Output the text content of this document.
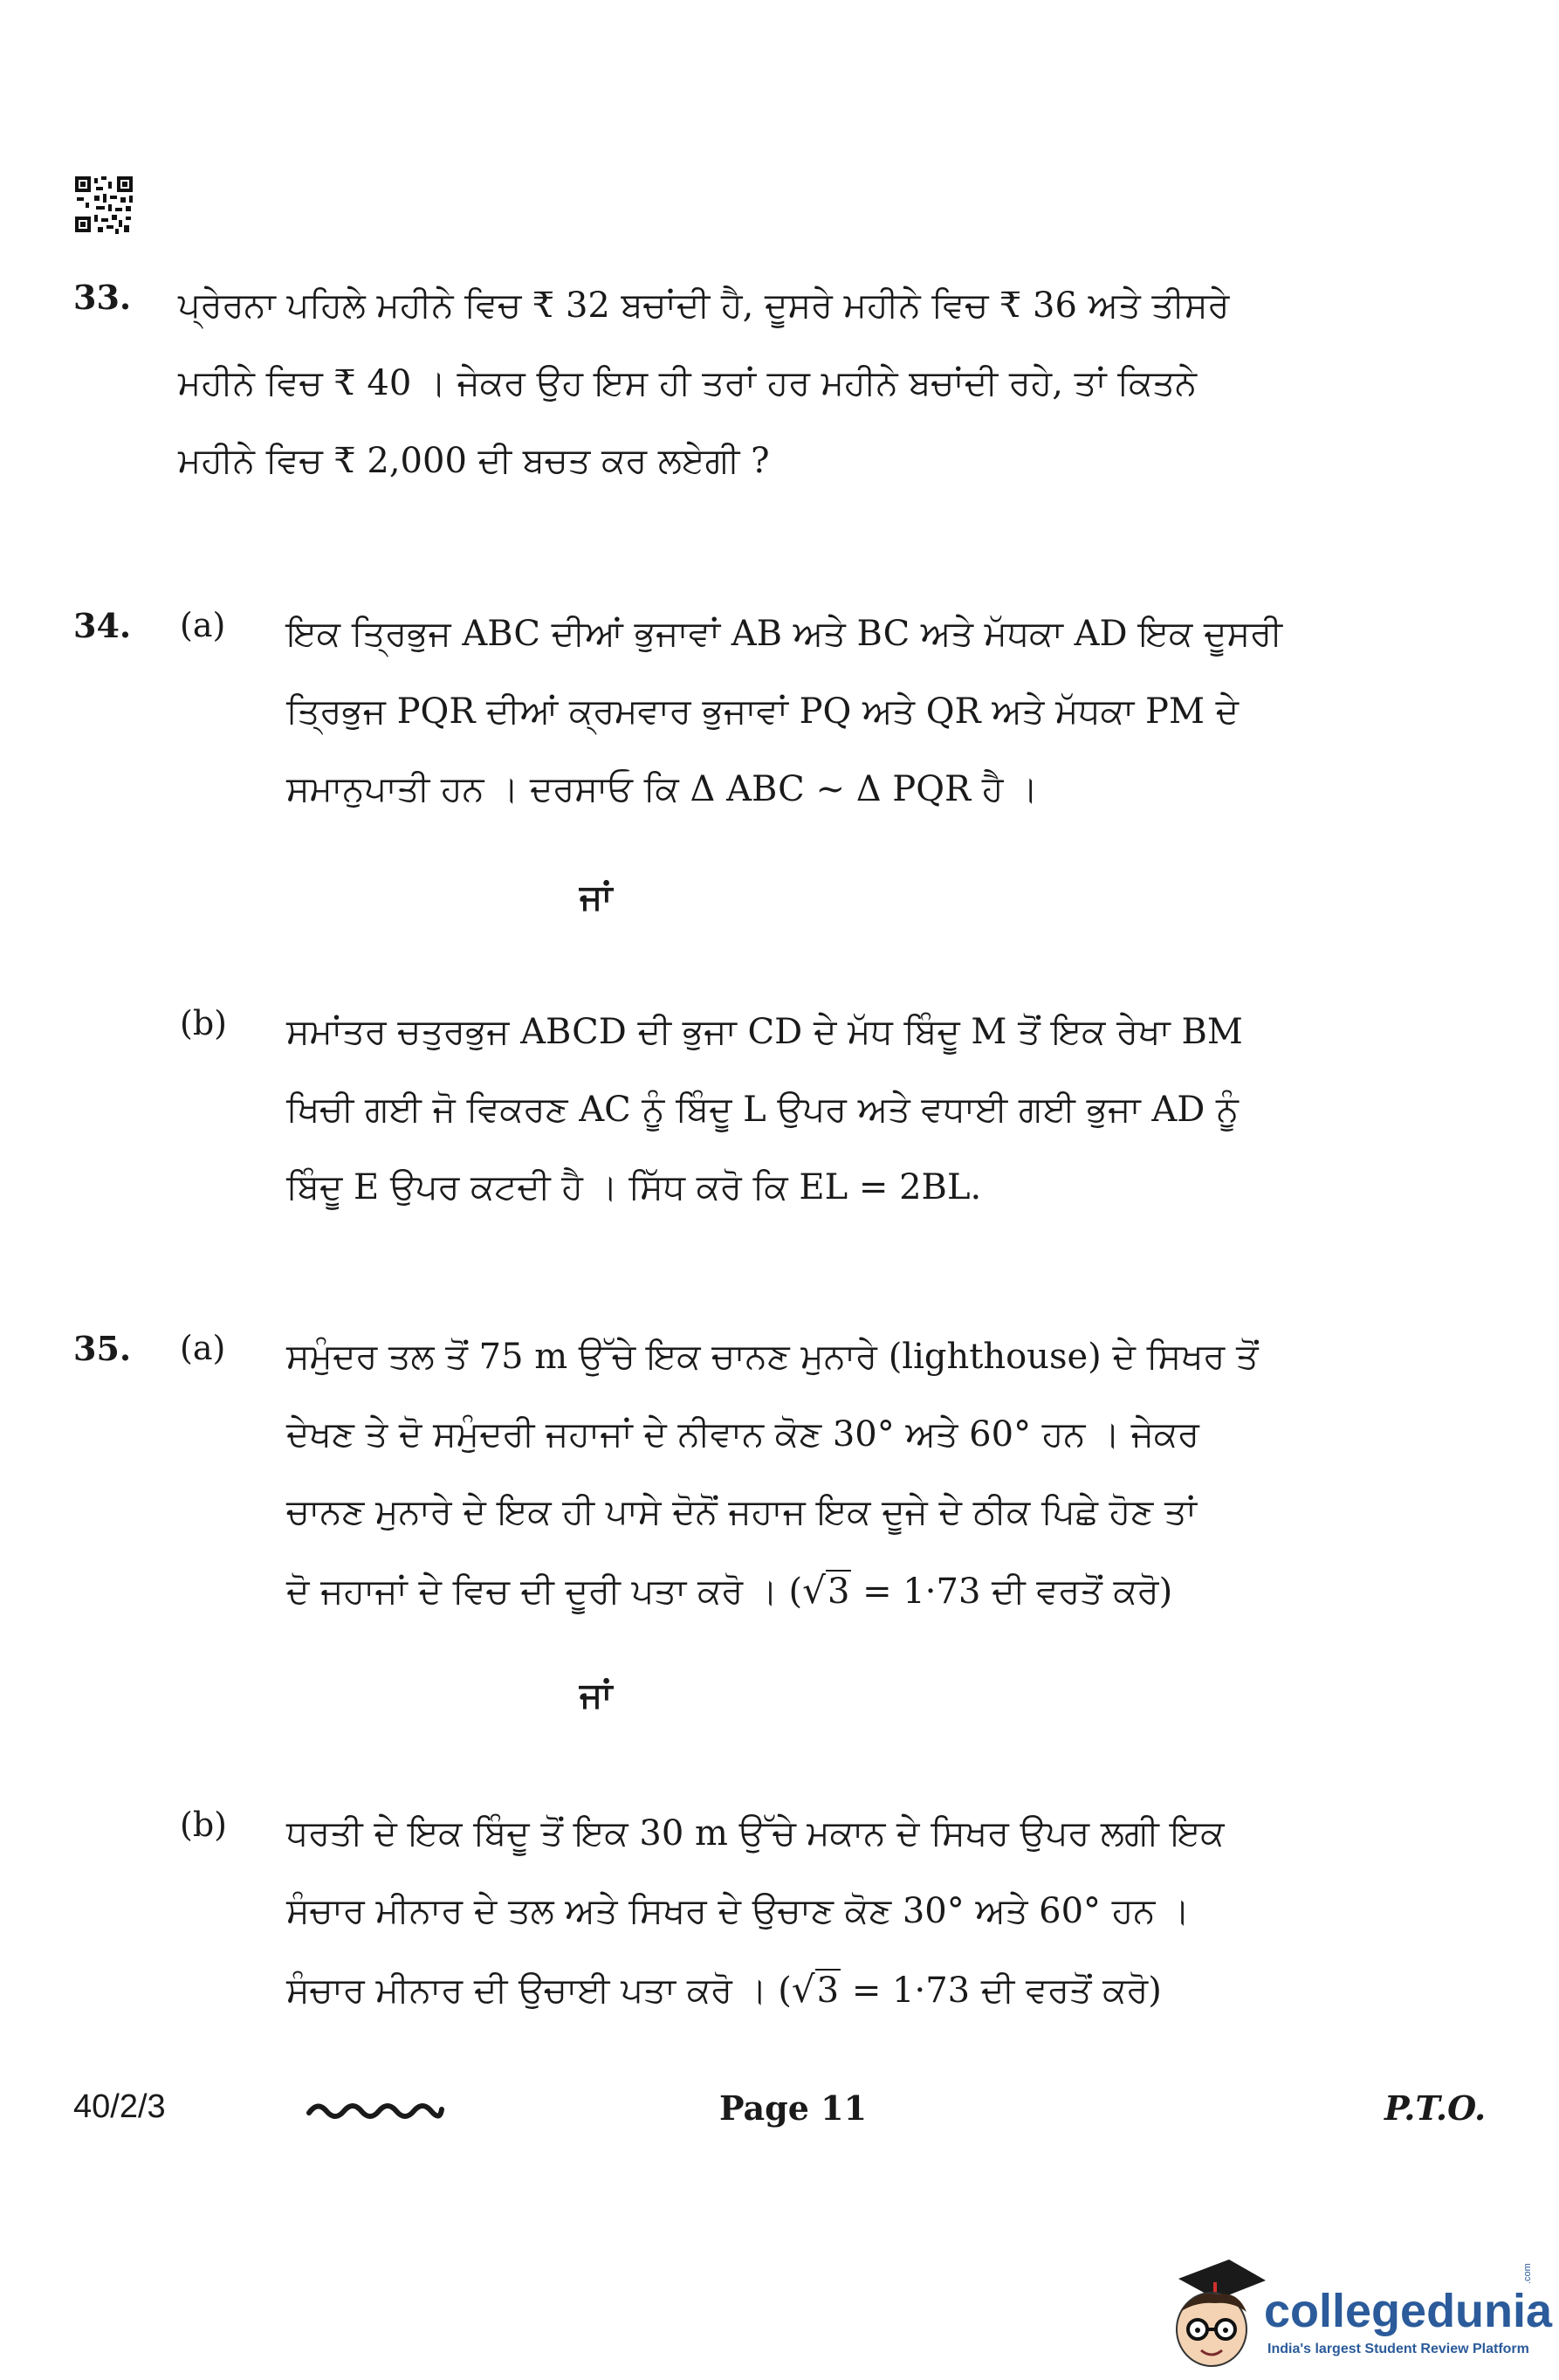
33. ਪ੍ਰੇਰਨਾ ਪਹਿਲੇ ਮਹੀਨੇ ਵਿਚ ₹ 32 ਬਚਾਂਦੀ ਹੈ, ਦੂਸਰੇ ਮਹੀਨੇ ਵਿਚ ₹ 36 ਅਤੇ ਤੀਸਰੇ
ਮਹੀਨੇ ਵਿਚ ₹ 40 । ਜੇਕਰ ਉਹ ਇਸ ਹੀ ਤਰਾਂ ਹਰ ਮਹੀਨੇ ਬਚਾਂਦੀ ਰਹੇ, ਤਾਂ ਕਿਤਨੇ
ਮਹੀਨੇ ਵਿਚ ₹ 2,000 ਦੀ ਬਚਤ ਕਰ ਲਏਗੀ ?
34. (a) ਇਕ ਤ੍ਰਿਭੁਜ ABC ਦੀਆਂ ਭੁਜਾਵਾਂ AB ਅਤੇ BC ਅਤੇ ਮੱਧਕਾ AD ਇਕ ਦੂਸਰੀ
ਤ੍ਰਿਭੁਜ PQR ਦੀਆਂ ਕ੍ਰਮਵਾਰ ਭੁਜਾਵਾਂ PQ ਅਤੇ QR ਅਤੇ ਮੱਧਕਾ PM ਦੇ
ਸਮਾਨੁਪਾਤੀ ਹਨ । ਦਰਸਾਓ ਕਿ Δ ABC ~ Δ PQR ਹੈ ।
ਜਾਂ
(b) ਸਮਾਂਤਰ ਚਤੁਰਭੁਜ ABCD ਦੀ ਭੁਜਾ CD ਦੇ ਮੱਧ ਬਿੰਦੂ M ਤੋਂ ਇਕ ਰੇਖਾ BM
ਖਿਚੀ ਗਈ ਜੋ ਵਿਕਰਣ AC ਨੂੰ ਬਿੰਦੂ L ਉਪਰ ਅਤੇ ਵਧਾਈ ਗਈ ਭੁਜਾ AD ਨੂੰ
ਬਿੰਦੂ E ਉਪਰ ਕਟਦੀ ਹੈ । ਸਿੱਧ ਕਰੋ ਕਿ EL = 2BL.
35. (a) ਸਮੁੰਦਰ ਤਲ ਤੋਂ 75 m ਉੱਚੇ ਇਕ ਚਾਨਣ ਮੁਨਾਰੇ (lighthouse) ਦੇ ਸਿਖਰ ਤੋਂ
ਦੇਖਣ ਤੇ ਦੋ ਸਮੁੰਦਰੀ ਜਹਾਜਾਂ ਦੇ ਨੀਵਾਨ ਕੋਣ 30° ਅਤੇ 60° ਹਨ । ਜੇਕਰ
ਚਾਨਣ ਮੁਨਾਰੇ ਦੇ ਇਕ ਹੀ ਪਾਸੇ ਦੋਨੋਂ ਜਹਾਜ ਇਕ ਦੂਜੇ ਦੇ ਠੀਕ ਪਿਛੇ ਹੋਣ ਤਾਂ
ਦੋ ਜਹਾਜਾਂ ਦੇ ਵਿਚ ਦੀ ਦੂਰੀ ਪਤਾ ਕਰੋ । (√3 = 1·73 ਦੀ ਵਰਤੋਂ ਕਰੋ)
ਜਾਂ
(b) ਧਰਤੀ ਦੇ ਇਕ ਬਿੰਦੂ ਤੋਂ ਇਕ 30 m ਉੱਚੇ ਮਕਾਨ ਦੇ ਸਿਖਰ ਉਪਰ ਲਗੀ ਇਕ
ਸੰਚਾਰ ਮੀਨਾਰ ਦੇ ਤਲ ਅਤੇ ਸਿਖਰ ਦੇ ਉਚਾਣ ਕੋਣ 30° ਅਤੇ 60° ਹਨ ।
ਸੰਚਾਰ ਮੀਨਾਰ ਦੀ ਉਚਾਈ ਪਤਾ ਕਰੋ । (√3 = 1·73 ਦੀ ਵਰਤੋਂ ਕਰੋ)
40/2/3	Page 11	P.T.O.
collegedunia
.com
India's largest Student Review Platform
